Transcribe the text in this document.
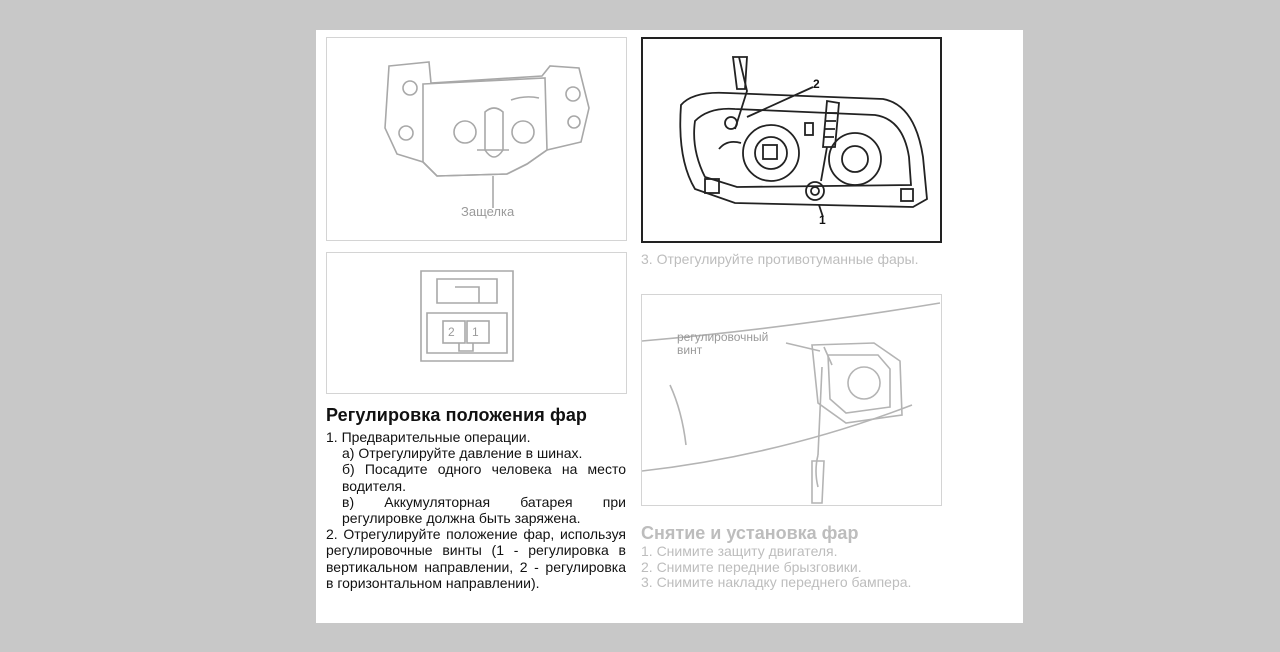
Защелка
2 1
2
1

3. Отрегулируйте противотуманные фары.

регулировочный
винт
Регулировка положения фар

1. Предварительные операции.

а) Отрегулируйте давление в шинах.

б) Посадите одного человека на место водителя.

в) Аккумуляторная батарея при регулировке должна быть заряжена.

2. Отрегулируйте положение фар, используя регулировочные винты (1 - регулировка в вертикальном направлении, 2 - регулировка в горизонтальном направлении).

Снятие и установка фар

1. Снимите защиту двигателя.

2. Снимите передние брызговики.

3. Снимите накладку переднего бампера.
